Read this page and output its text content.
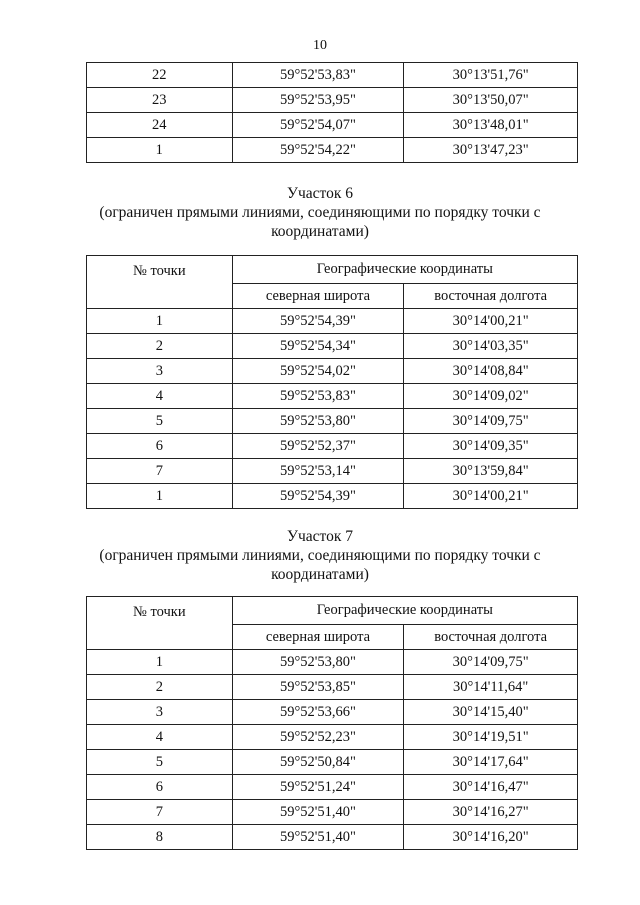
10
22	59°52'53,83"	30°13'51,76"
23	59°52'53,95"	30°13'50,07"
24	59°52'54,07"	30°13'48,01"
1	59°52'54,22"	30°13'47,23"
Участок 6
(ограничен прямыми линиями, соединяющими по порядку точки с
координатами)
№ точки	Географические координаты	
	северная широта	восточная долгота
1	59°52'54,39"	30°14'00,21"
2	59°52'54,34"	30°14'03,35"
3	59°52'54,02"	30°14'08,84"
4	59°52'53,83"	30°14'09,02"
5	59°52'53,80"	30°14'09,75"
6	59°52'52,37"	30°14'09,35"
7	59°52'53,14"	30°13'59,84"
1	59°52'54,39"	30°14'00,21"
Участок 7
(ограничен прямыми линиями, соединяющими по порядку точки с
координатами)
№ точки	Географические координаты	
	северная широта	восточная долгота
1	59°52'53,80"	30°14'09,75"
2	59°52'53,85"	30°14'11,64"
3	59°52'53,66"	30°14'15,40"
4	59°52'52,23"	30°14'19,51"
5	59°52'50,84"	30°14'17,64"
6	59°52'51,24"	30°14'16,47"
7	59°52'51,40"	30°14'16,27"
8	59°52'51,40"	30°14'16,20"
